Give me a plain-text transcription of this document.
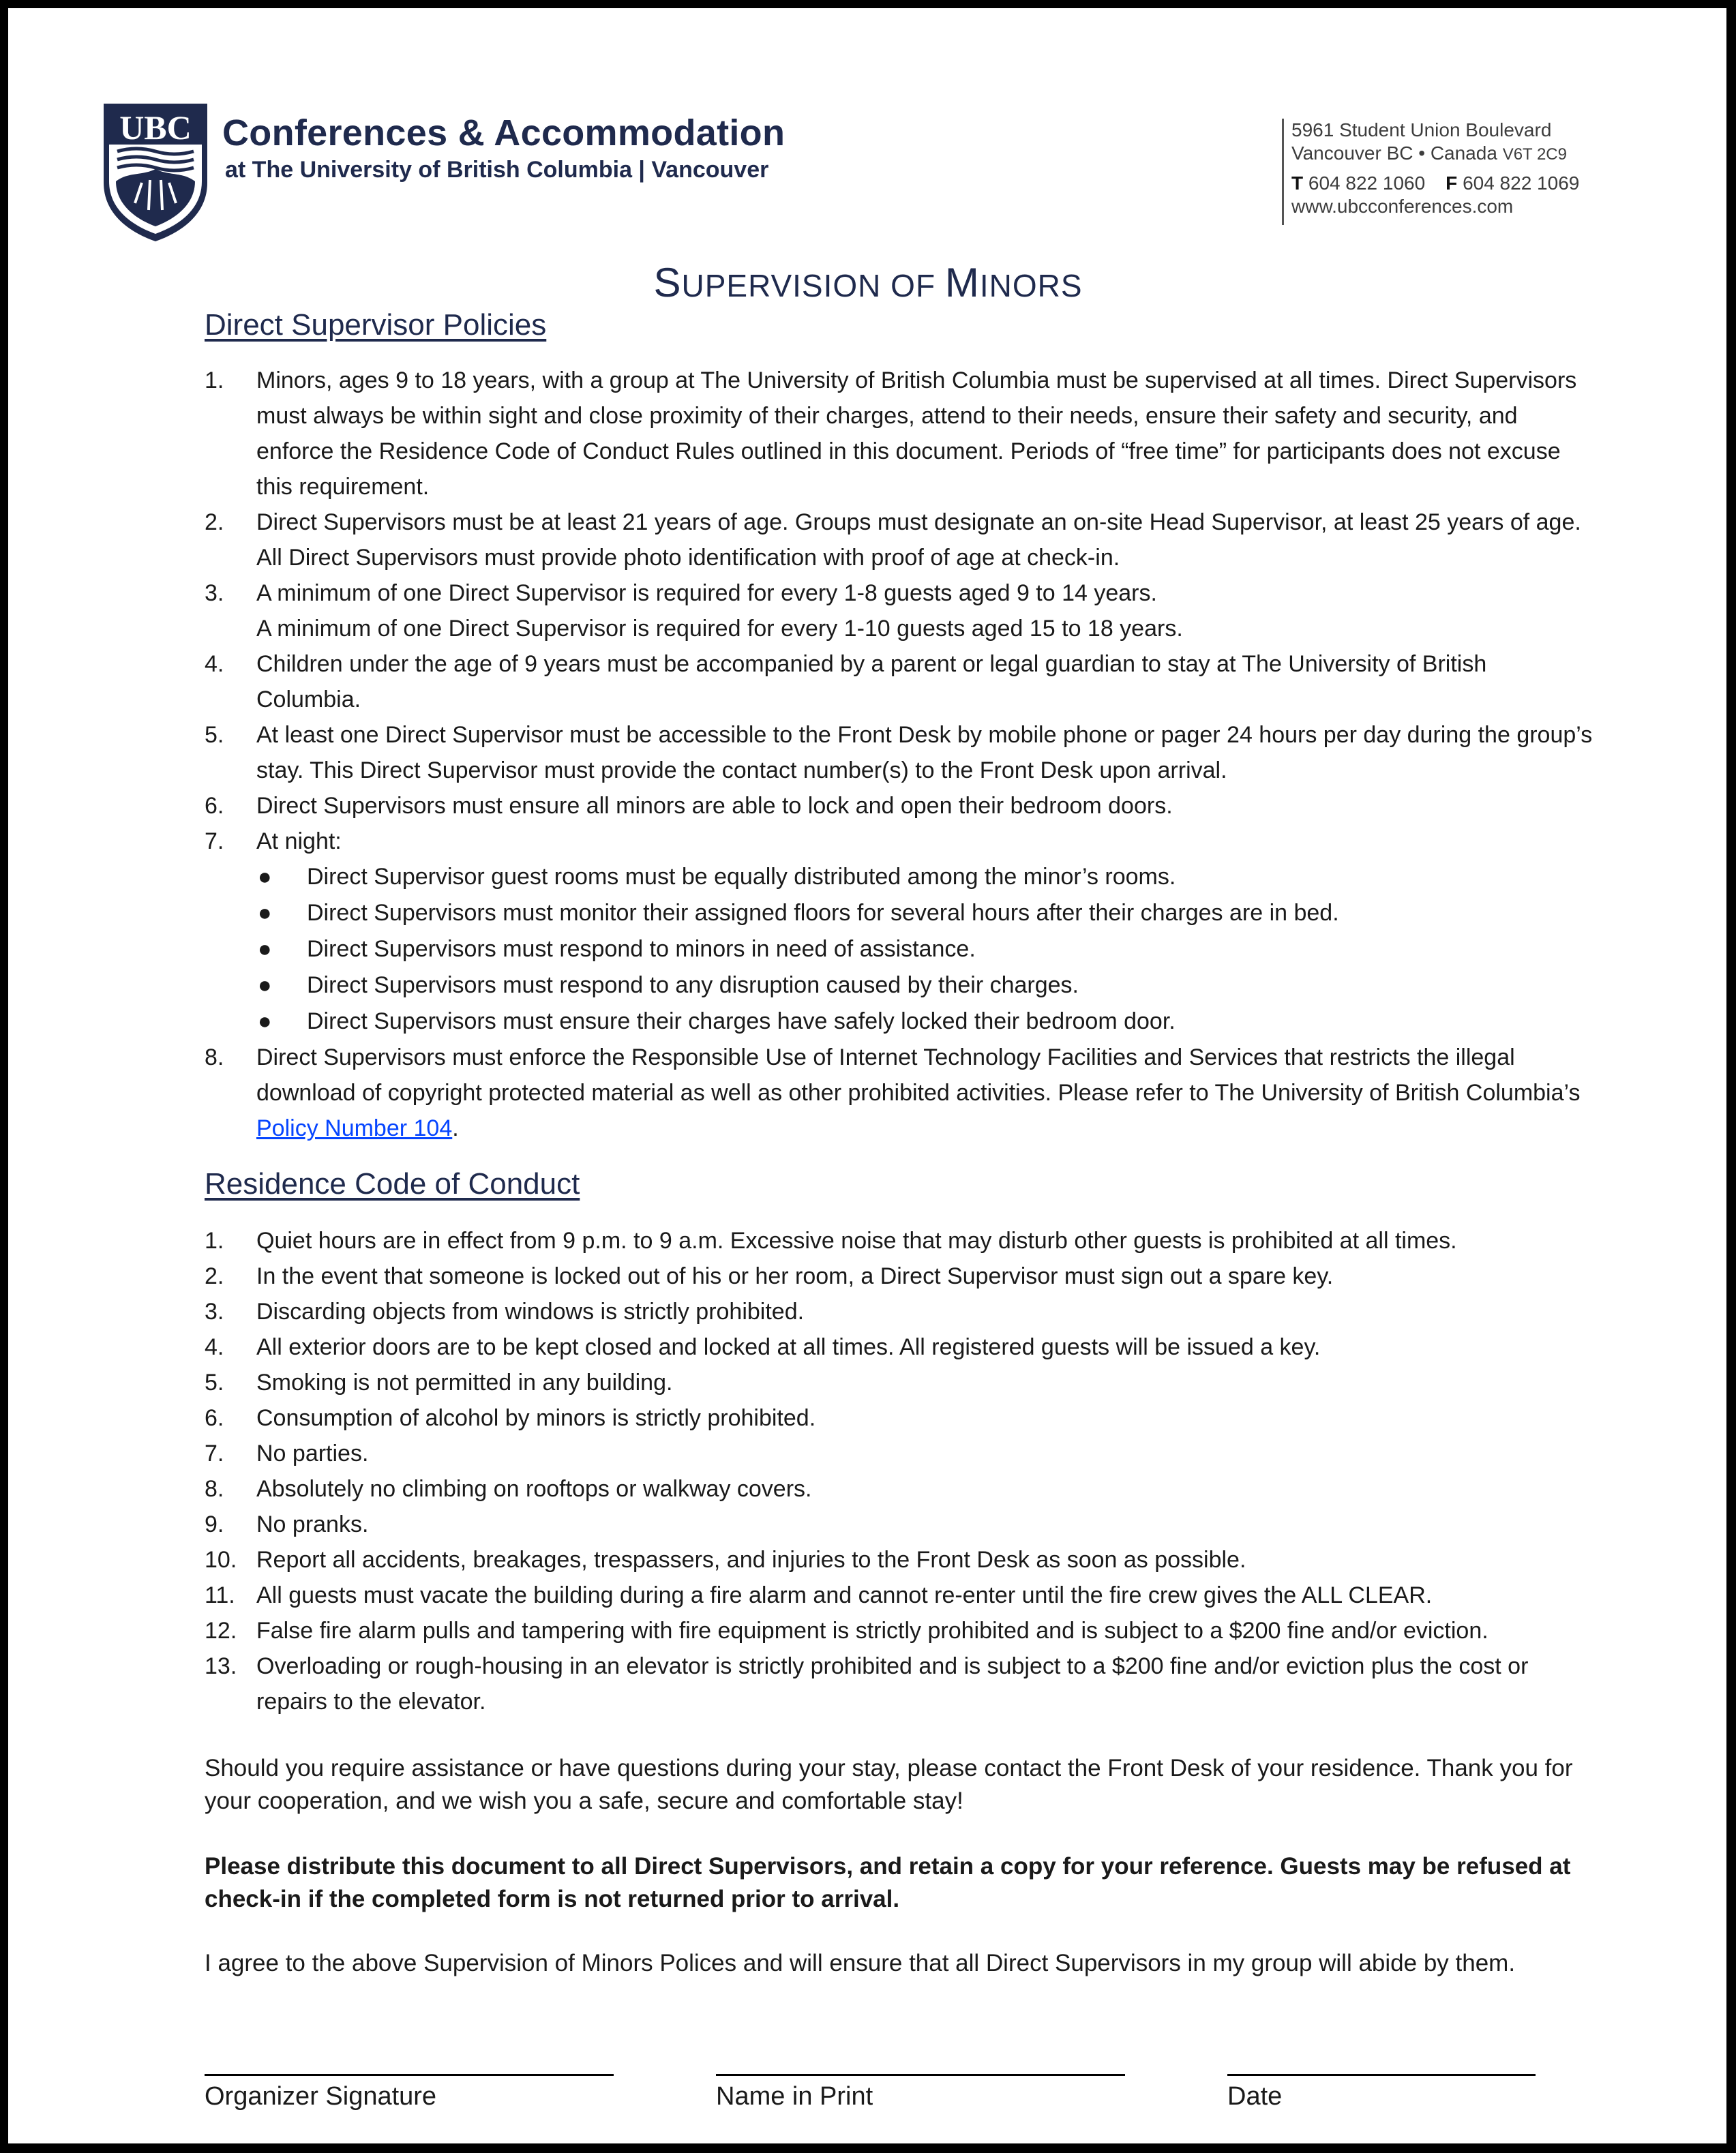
UBC Conferences & Accommodation
at The University of British Columbia | Vancouver
5961 Student Union Boulevard
Vancouver BC • Canada V6T 2C9
T 604 822 1060 F 604 822 1069
www.ubcconferences.com
SUPERVISION OF MINORS
Direct Supervisor Policies
1. Minors, ages 9 to 18 years, with a group at The University of British Columbia must be supervised at all times. Direct Supervisors must always be within sight and close proximity of their charges, attend to their needs, ensure their safety and security, and enforce the Residence Code of Conduct Rules outlined in this document. Periods of “free time” for participants does not excuse this requirement.
2. Direct Supervisors must be at least 21 years of age. Groups must designate an on-site Head Supervisor, at least 25 years of age. All Direct Supervisors must provide photo identification with proof of age at check-in.
3. A minimum of one Direct Supervisor is required for every 1-8 guests aged 9 to 14 years.
A minimum of one Direct Supervisor is required for every 1-10 guests aged 15 to 18 years.
4. Children under the age of 9 years must be accompanied by a parent or legal guardian to stay at The University of British Columbia.
5. At least one Direct Supervisor must be accessible to the Front Desk by mobile phone or pager 24 hours per day during the group’s stay. This Direct Supervisor must provide the contact number(s) to the Front Desk upon arrival.
6. Direct Supervisors must ensure all minors are able to lock and open their bedroom doors.
7. At night:
● Direct Supervisor guest rooms must be equally distributed among the minor’s rooms.
● Direct Supervisors must monitor their assigned floors for several hours after their charges are in bed.
● Direct Supervisors must respond to minors in need of assistance.
● Direct Supervisors must respond to any disruption caused by their charges.
● Direct Supervisors must ensure their charges have safely locked their bedroom door.
8. Direct Supervisors must enforce the Responsible Use of Internet Technology Facilities and Services that restricts the illegal download of copyright protected material as well as other prohibited activities. Please refer to The University of British Columbia’s Policy Number 104.
Residence Code of Conduct
1. Quiet hours are in effect from 9 p.m. to 9 a.m. Excessive noise that may disturb other guests is prohibited at all times.
2. In the event that someone is locked out of his or her room, a Direct Supervisor must sign out a spare key.
3. Discarding objects from windows is strictly prohibited.
4. All exterior doors are to be kept closed and locked at all times. All registered guests will be issued a key.
5. Smoking is not permitted in any building.
6. Consumption of alcohol by minors is strictly prohibited.
7. No parties.
8. Absolutely no climbing on rooftops or walkway covers.
9. No pranks.
10. Report all accidents, breakages, trespassers, and injuries to the Front Desk as soon as possible.
11. All guests must vacate the building during a fire alarm and cannot re-enter until the fire crew gives the ALL CLEAR.
12. False fire alarm pulls and tampering with fire equipment is strictly prohibited and is subject to a $200 fine and/or eviction.
13. Overloading or rough-housing in an elevator is strictly prohibited and is subject to a $200 fine and/or eviction plus the cost or repairs to the elevator.
Should you require assistance or have questions during your stay, please contact the Front Desk of your residence. Thank you for your cooperation, and we wish you a safe, secure and comfortable stay!
Please distribute this document to all Direct Supervisors, and retain a copy for your reference. Guests may be refused at check-in if the completed form is not returned prior to arrival.
I agree to the above Supervision of Minors Polices and will ensure that all Direct Supervisors in my group will abide by them.
Organizer Signature	Name in Print	Date
